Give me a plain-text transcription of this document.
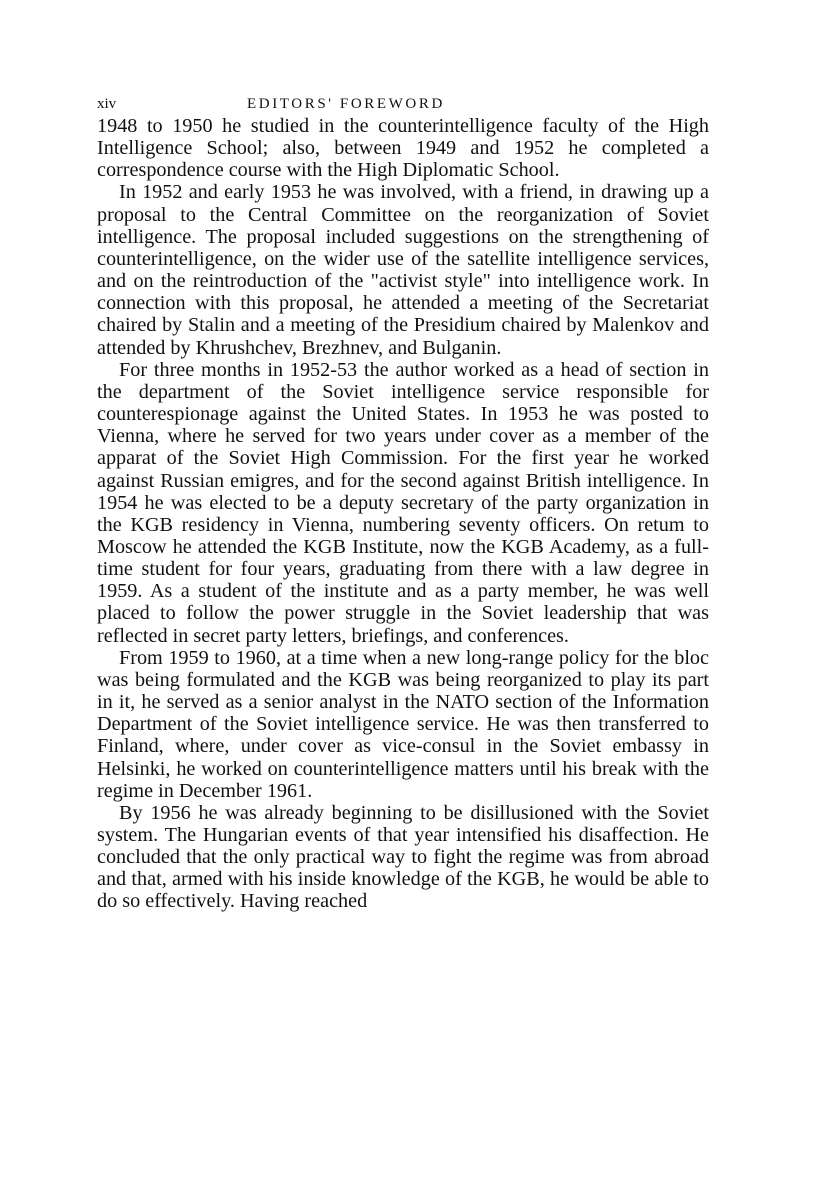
xiv	EDITORS' FOREWORD

1948 to 1950 he studied in the counterintelligence faculty of the High Intelligence School; also, between 1949 and 1952 he completed a correspondence course with the High Diplomatic School.

In 1952 and early 1953 he was involved, with a friend, in drawing up a proposal to the Central Committee on the reorganization of Soviet intelligence. The proposal included suggestions on the strengthening of counterintelligence, on the wider use of the satellite intelligence services, and on the reintroduction of the "activist style" into intelligence work. In connection with this proposal, he attended a meeting of the Secretariat chaired by Stalin and a meeting of the Presidium chaired by Malenkov and attended by Khrushchev, Brezhnev, and Bulganin.

For three months in 1952-53 the author worked as a head of section in the department of the Soviet intelligence service responsible for counterespionage against the United States. In 1953 he was posted to Vienna, where he served for two years under cover as a member of the apparat of the Soviet High Commission. For the first year he worked against Russian emigres, and for the second against British intelligence. In 1954 he was elected to be a deputy secretary of the party organization in the KGB residency in Vienna, numbering seventy officers. On retum to Moscow he attended the KGB Institute, now the KGB Academy, as a full-time student for four years, graduating from there with a law degree in 1959. As a student of the institute and as a party member, he was well placed to follow the power struggle in the Soviet leadership that was reflected in secret party letters, briefings, and conferences.

From 1959 to 1960, at a time when a new long-range policy for the bloc was being formulated and the KGB was being reorganized to play its part in it, he served as a senior analyst in the NATO section of the Information Department of the Soviet intelligence service. He was then transferred to Finland, where, under cover as vice-consul in the Soviet embassy in Helsinki, he worked on counterintelligence matters until his break with the regime in December 1961.

By 1956 he was already beginning to be disillusioned with the Soviet system. The Hungarian events of that year intensified his disaffection. He concluded that the only practical way to fight the regime was from abroad and that, armed with his inside knowledge of the KGB, he would be able to do so effectively. Having reached
